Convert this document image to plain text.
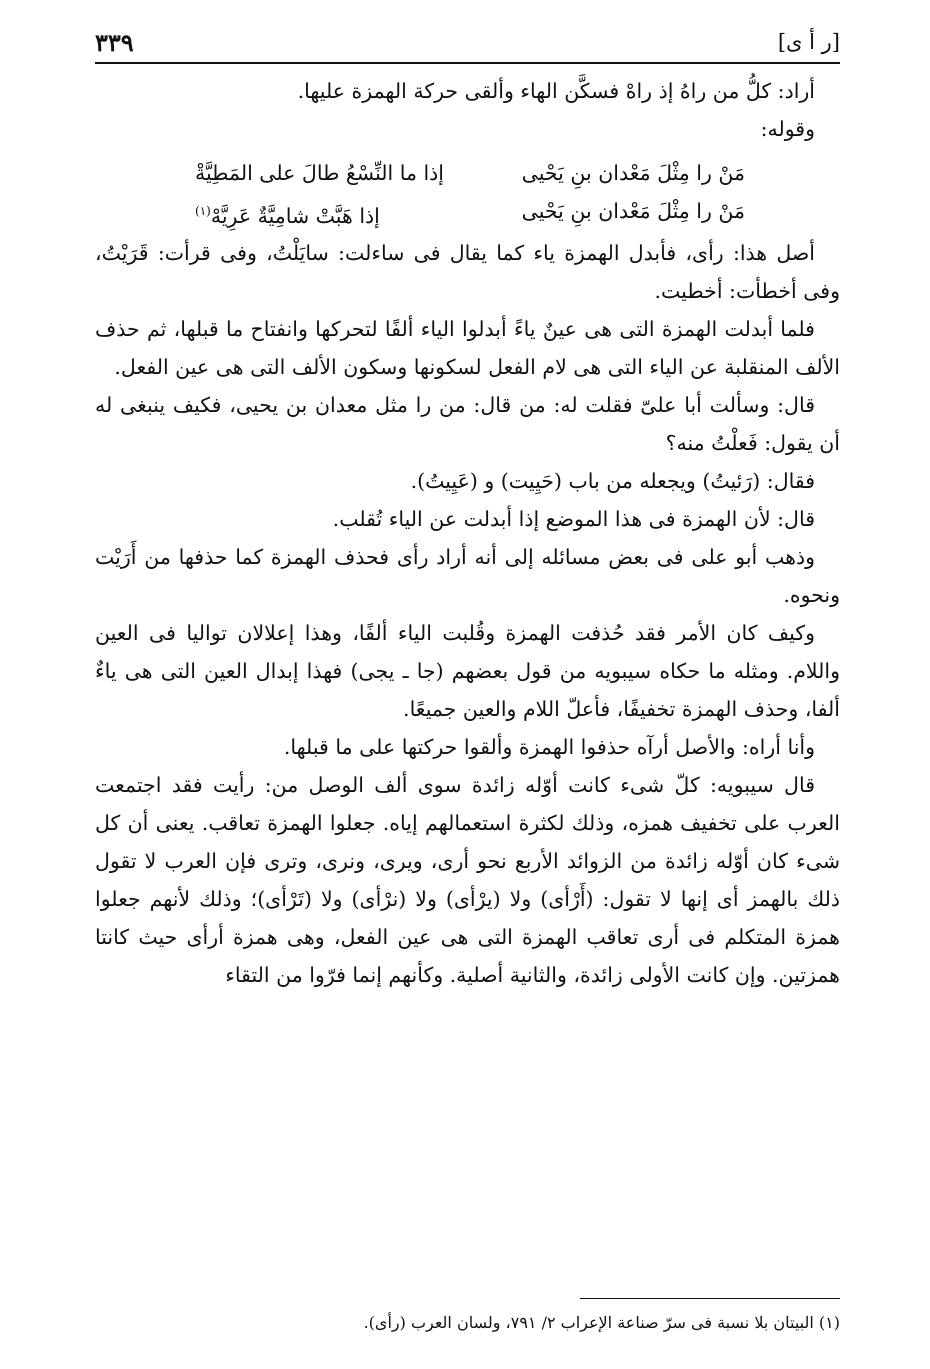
[ر أ ى]
٣٣٩

أراد: كلُّ من راهُ إذ راهْ فسكَّن الهاء وألقى حركة الهمزة عليها.

وقوله:

مَنْ را مِثْلَ مَعْدان بنِ يَحْيى
إذا ما النِّسْعُ طالَ على المَطِيَّةْ
مَنْ را مِثْلَ مَعْدان بنِ يَحْيى
إذا هَبَّتْ شامِيَّةٌ عَرِيَّهْ$^{(١)}$

أصل هذا: رأى، فأبدل الهمزة ياء كما يقال فى ساءلت: سايَلْتُ، وفى قرأت: قَرَيْتُ، وفى أخطأت: أخطيت.

فلما أبدلت الهمزة التى هى عينٌ ياءً أبدلوا الياء ألفًا لتحركها وانفتاح ما قبلها، ثم حذف الألف المنقلبة عن الياء التى هى لام الفعل لسكونها وسكون الألف التى هى عين الفعل.

قال: وسألت أبا علىّ فقلت له: من قال: من را مثل معدان بن يحيى، فكيف ينبغى له أن يقول: فَعلْتُ منه؟

فقال: (رَئيتُ) ويجعله من باب (حَيِيت) و (عَيِيتُ).

قال: لأن الهمزة فى هذا الموضع إذا أبدلت عن الياء تُقلب.

وذهب أبو على فى بعض مسائله إلى أنه أراد رأى فحذف الهمزة كما حذفها من أَرَيْت ونحوه.

وكيف كان الأمر فقد حُذفت الهمزة وقُلبت الياء ألفًا، وهذا إعلالان تواليا فى العين واللام. ومثله ما حكاه سيبويه من قول بعضهم (جا ـ يجى) فهذا إبدال العين التى هى ياءٌ ألفا، وحذف الهمزة تخفيفًا، فأعلّ اللام والعين جميعًا.

وأنا أراه: والأصل أرآه حذفوا الهمزة وألقوا حركتها على ما قبلها.

قال سيبويه: كلّ شىء كانت أوّله زائدة سوى ألف الوصل من: رأيت فقد اجتمعت العرب على تخفيف همزه، وذلك لكثرة استعمالهم إياه. جعلوا الهمزة تعاقب. يعنى أن كل شىء كان أوّله زائدة من الزوائد الأربع نحو أرى، ويرى، ونرى، وترى فإن العرب لا تقول ذلك بالهمز أى إنها لا تقول: (أَرْأى) ولا (يرْأى) ولا (نرْأى) ولا (تَرْأى)؛ وذلك لأنهم جعلوا همزة المتكلم فى أرى تعاقب الهمزة التى هى عين الفعل، وهى همزة أرأى حيث كانتا همزتين. وإن كانت الأولى زائدة، والثانية أصلية. وكأنهم إنما فرّوا من التقاء

(١) البيتان بلا نسبة فى سرّ صناعة الإعراب ٢/ ٧٩١، ولسان العرب (رأى).
